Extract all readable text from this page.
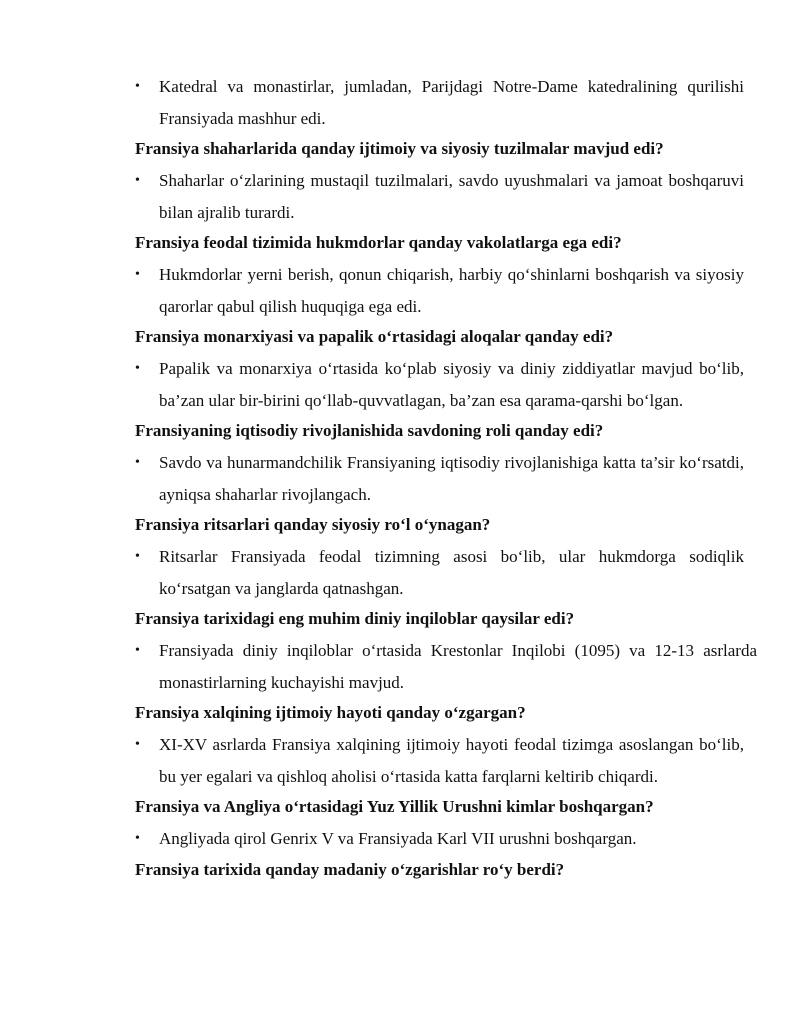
• Katedral va monastirlar, jumladan, Parijdagi Notre-Dame katedralining qurilishi Fransiyada mashhur edi.
Fransiya shaharlarida qanday ijtimoiy va siyosiy tuzilmalar mavjud edi?
• Shaharlar o‘zlarining mustaqil tuzilmalari, savdo uyushmalari va jamoat boshqaruvi bilan ajralib turardi.
Fransiya feodal tizimida hukmdorlar qanday vakolatlarga ega edi?
• Hukmdorlar yerni berish, qonun chiqarish, harbiy qo‘shinlarni boshqarish va siyosiy qarorlar qabul qilish huquqiga ega edi.
Fransiya monarxiyasi va papalik o‘rtasidagi aloqalar qanday edi?
• Papalik va monarxiya o‘rtasida ko‘plab siyosiy va diniy ziddiyatlar mavjud bo‘lib, ba’zan ular bir-birini qo‘llab-quvvatlagan, ba’zan esa qarama-qarshi bo‘lgan.
Fransiyaning iqtisodiy rivojlanishida savdoning roli qanday edi?
• Savdo va hunarmandchilik Fransiyaning iqtisodiy rivojlanishiga katta ta’sir ko‘rsatdi, ayniqsa shaharlar rivojlangach.
Fransiya ritsarlari qanday siyosiy ro‘l o‘ynagan?
• Ritsarlar Fransiyada feodal tizimning asosi bo‘lib, ular hukmdorga sodiqlik ko‘rsatgan va janglarda qatnashgan.
Fransiya tarixidagi eng muhim diniy inqiloblar qaysilar edi?
• Fransiyada diniy inqiloblar o‘rtasida Krestonlar Inqilobi (1095) va 12-13 asrlarda monastirlarning kuchayishi mavjud.
Fransiya xalqining ijtimoiy hayoti qanday o‘zgargan?
• XI-XV asrlarda Fransiya xalqining ijtimoiy hayoti feodal tizimga asoslangan bo‘lib, bu yer egalari va qishloq aholisi o‘rtasida katta farqlarni keltirib chiqardi.
Fransiya va Angliya o‘rtasidagi Yuz Yillik Urushni kimlar boshqargan?
• Angliyada qirol Genrix V va Fransiyada Karl VII urushni boshqargan.
Fransiya tarixida qanday madaniy o‘zgarishlar ro‘y berdi?
